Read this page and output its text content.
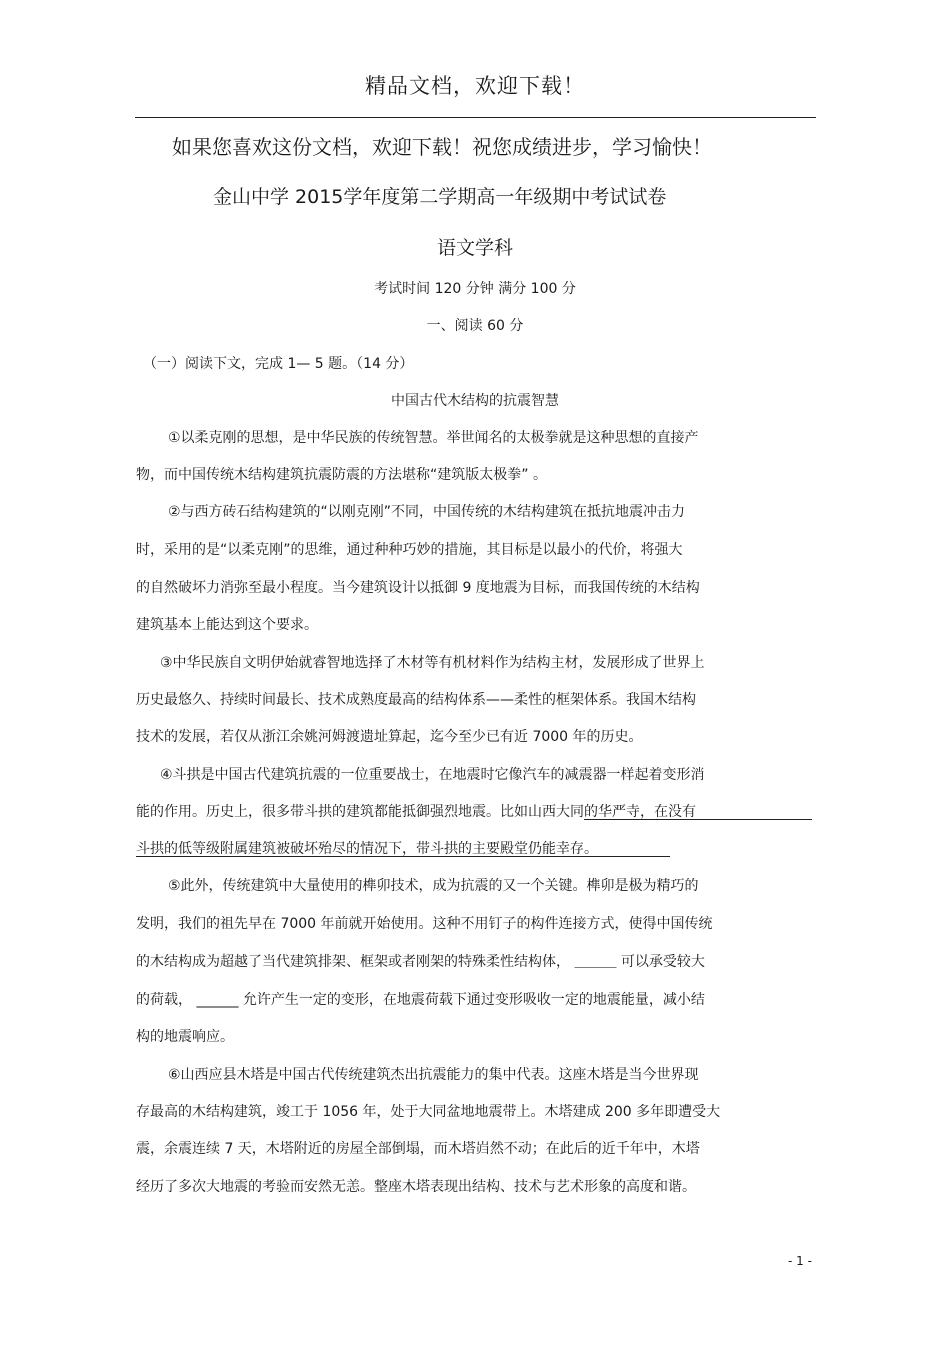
精品文档，欢迎下载！
如果您喜欢这份文档，欢迎下载！祝您成绩进步，学习愉快！
金山中学 2015学年度第二学期高一年级期中考试试卷
语文学科
考试时间 120 分钟 满分 100 分
一、阅读 60 分
（一）阅读下文，完成 1— 5 题。（14 分）
中国古代木结构的抗震智慧
①以柔克刚的思想，是中华民族的传统智慧。举世闻名的太极拳就是这种思想的直接产
物，而中国传统木结构建筑抗震防震的方法堪称“建筑版太极拳” 。
②与西方砖石结构建筑的“以刚克刚”不同，中国传统的木结构建筑在抵抗地震冲击力
时，采用的是“以柔克刚”的思维，通过种种巧妙的措施，其目标是以最小的代价，将强大
的自然破坏力消弥至最小程度。当今建筑设计以抵御 9 度地震为目标，而我国传统的木结构
建筑基本上能达到这个要求。
③中华民族自文明伊始就睿智地选择了木材等有机材料作为结构主材，发展形成了世界上
历史最悠久、持续时间最长、技术成熟度最高的结构体系——柔性的框架体系。我国木结构
技术的发展，若仅从浙江余姚河姆渡遗址算起，迄今至少已有近 7000 年的历史。
④斗拱是中国古代建筑抗震的一位重要战士，在地震时它像汽车的减震器一样起着变形消
能的作用。历史上，很多带斗拱的建筑都能抵御强烈地震。比如山西大同的华严寺，在没有
斗拱的低等级附属建筑被破坏殆尽的情况下，带斗拱的主要殿堂仍能幸存。
⑤此外，传统建筑中大量使用的榫卯技术，成为抗震的又一个关键。榫卯是极为精巧的
发明，我们的祖先早在 7000 年前就开始使用。这种不用钉子的构件连接方式，使得中国传统
的木结构成为超越了当代建筑排架、框架或者刚架的特殊柔性结构体， ＿＿＿ 可以承受较大
的荷载， ______ 允许产生一定的变形，在地震荷载下通过变形吸收一定的地震能量，减小结
构的地震响应。
⑥山西应县木塔是中国古代传统建筑杰出抗震能力的集中代表。这座木塔是当今世界现
存最高的木结构建筑，竣工于 1056 年，处于大同盆地地震带上。木塔建成 200 多年即遭受大
震，余震连续 7 天，木塔附近的房屋全部倒塌，而木塔岿然不动；在此后的近千年中，木塔
经历了多次大地震的考验而安然无恙。整座木塔表现出结构、技术与艺术形象的高度和谐。
- 1 -
